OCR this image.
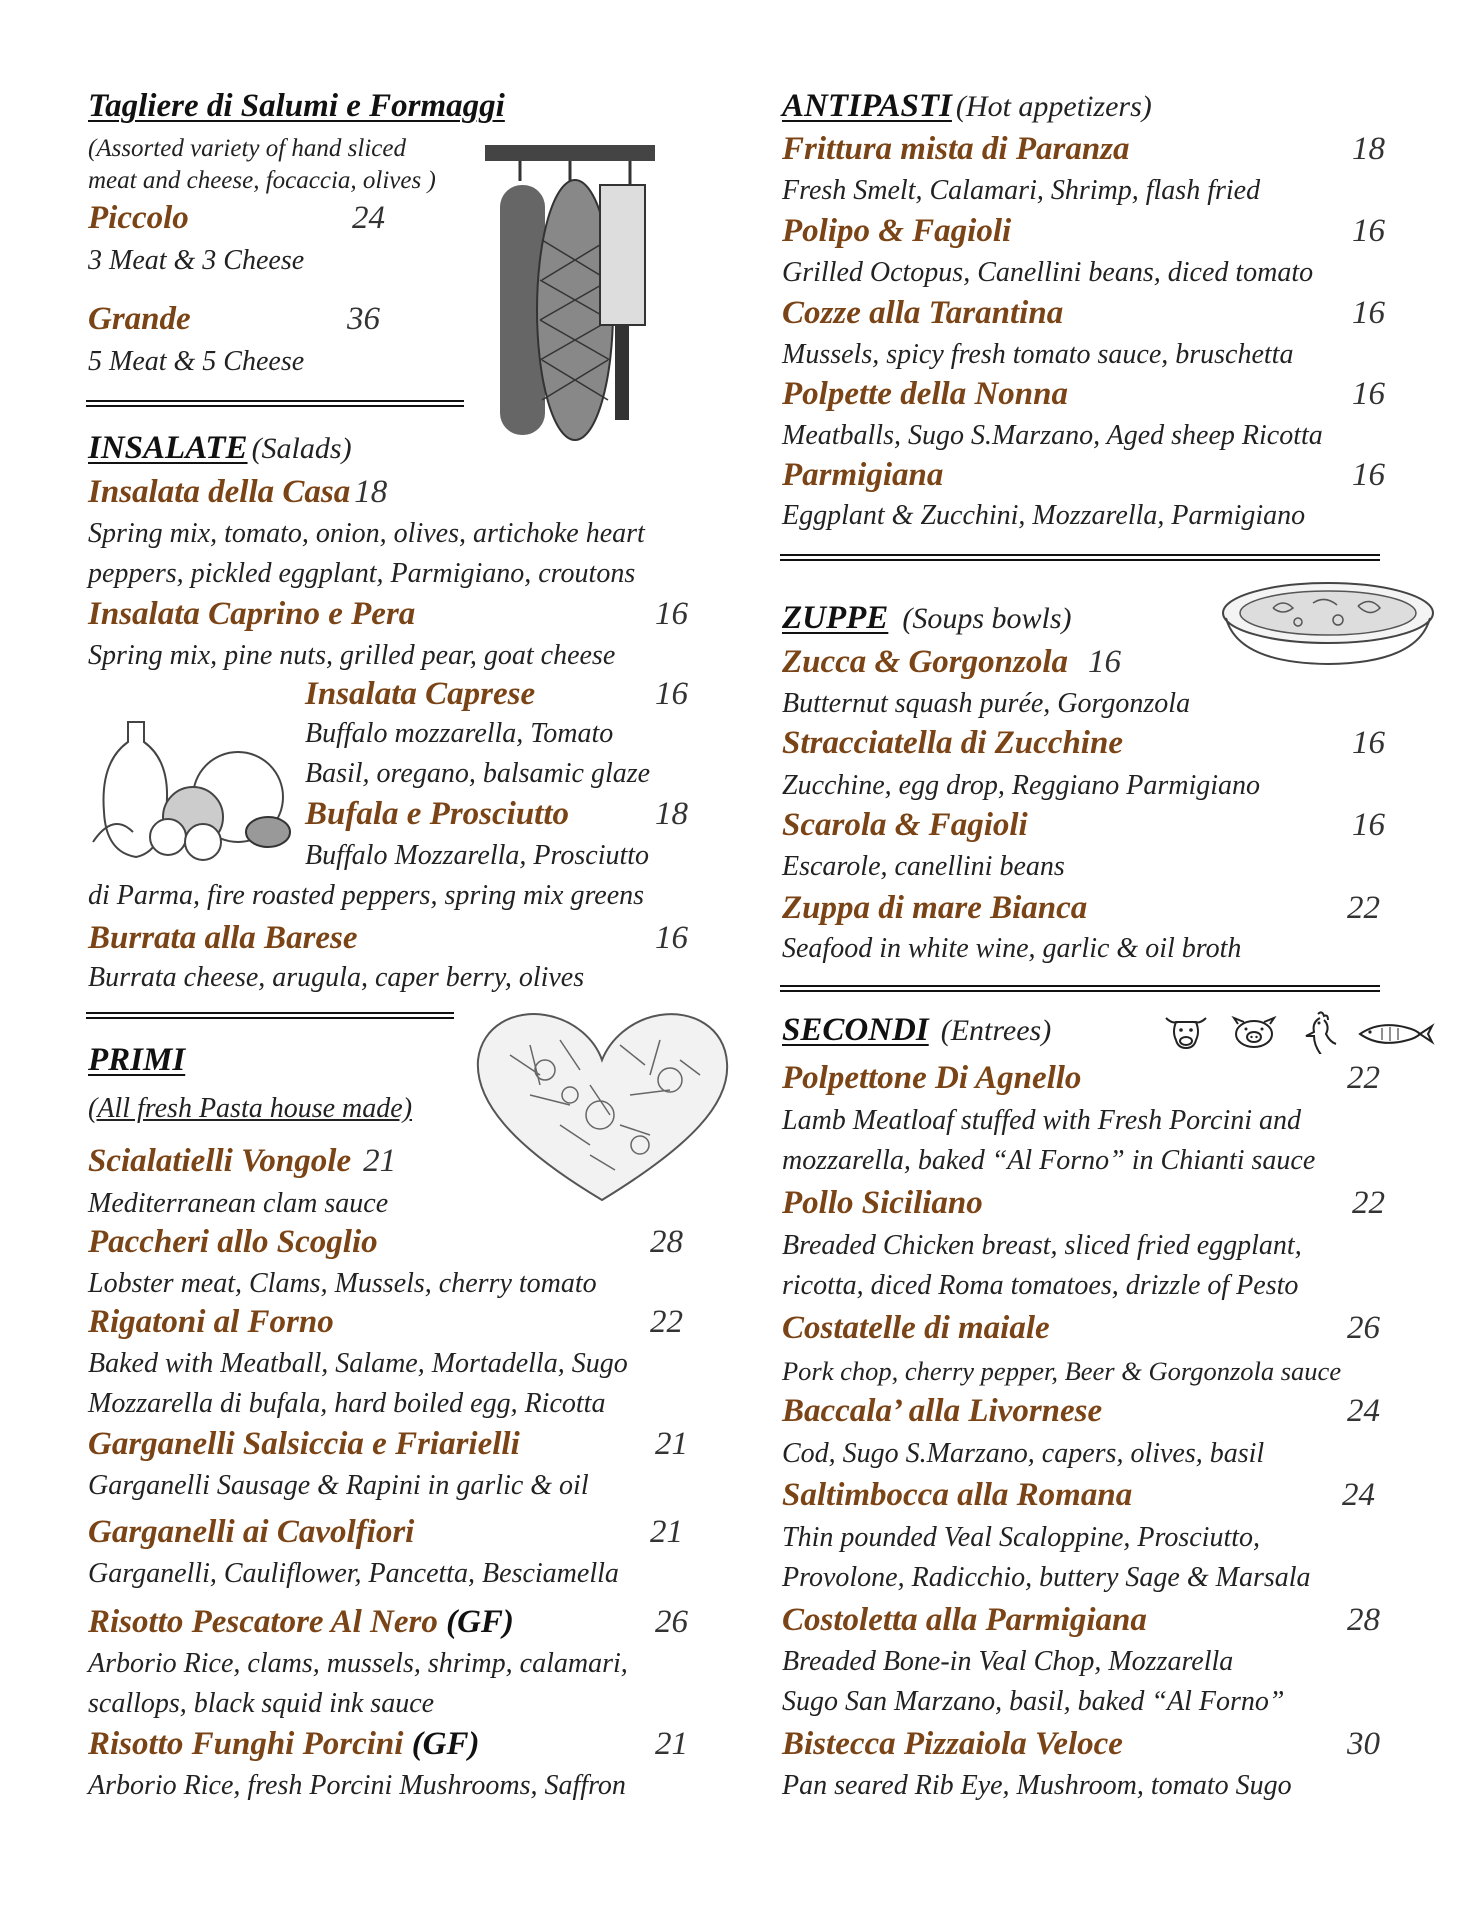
Tagliere di Salumi e Formaggi
(Assorted variety of hand sliced
meat and cheese, focaccia, olives )
Piccolo	24
3 Meat & 3 Cheese
Grande	36
5 Meat & 5 Cheese
INSALATE (Salads)
Insalata della Casa 18
Spring mix, tomato, onion, olives, artichoke heart
peppers, pickled eggplant, Parmigiano, croutons
Insalata Caprino e Pera	16
Spring mix, pine nuts, grilled pear, goat cheese
Insalata Caprese	16
Buffalo mozzarella, Tomato
Basil, oregano, balsamic glaze
Bufala e Prosciutto	18
Buffalo Mozzarella, Prosciutto
di Parma, fire roasted peppers, spring mix greens
Burrata alla Barese	16
Burrata cheese, arugula, caper berry, olives
PRIMI
(All fresh Pasta house made)
Scialatielli Vongole 21
Mediterranean clam sauce
Paccheri allo Scoglio	28
Lobster meat, Clams, Mussels, cherry tomato
Rigatoni al Forno	22
Baked with Meatball, Salame, Mortadella, Sugo
Mozzarella di bufala, hard boiled egg, Ricotta
Garganelli Salsiccia e Friarielli	21
Garganelli Sausage & Rapini in garlic & oil
Garganelli ai Cavolfiori	21
Garganelli, Cauliflower, Pancetta, Besciamella
Risotto Pescatore Al Nero (GF)	26
Arborio Rice, clams, mussels, shrimp, calamari,
scallops, black squid ink sauce
Risotto Funghi Porcini (GF)	21
Arborio Rice, fresh Porcini Mushrooms, Saffron
ANTIPASTI (Hot appetizers)
Frittura mista di Paranza	18
Fresh Smelt, Calamari, Shrimp, flash fried
Polipo & Fagioli	16
Grilled Octopus, Canellini beans, diced tomato
Cozze alla Tarantina	16
Mussels, spicy fresh tomato sauce, bruschetta
Polpette della Nonna	16
Meatballs, Sugo S.Marzano, Aged sheep Ricotta
Parmigiana	16
Eggplant & Zucchini, Mozzarella, Parmigiano
ZUPPE (Soups bowls)
Zucca & Gorgonzola 16
Butternut squash purée, Gorgonzola
Stracciatella di Zucchine	16
Zucchine, egg drop, Reggiano Parmigiano
Scarola & Fagioli	16
Escarole, canellini beans
Zuppa di mare Bianca	22
Seafood in white wine, garlic & oil broth
SECONDI (Entrees)
Polpettone Di Agnello	22
Lamb Meatloaf stuffed with Fresh Porcini and
mozzarella, baked “Al Forno” in Chianti sauce
Pollo Siciliano	22
Breaded Chicken breast, sliced fried eggplant,
ricotta, diced Roma tomatoes, drizzle of Pesto
Costatelle di maiale	26
Pork chop, cherry pepper, Beer & Gorgonzola sauce
Baccala’ alla Livornese	24
Cod, Sugo S.Marzano, capers, olives, basil
Saltimbocca alla Romana	24
Thin pounded Veal Scaloppine, Prosciutto,
Provolone, Radicchio, buttery Sage & Marsala
Costoletta alla Parmigiana	28
Breaded Bone-in Veal Chop, Mozzarella
Sugo San Marzano, basil, baked “Al Forno”
Bistecca Pizzaiola Veloce	30
Pan seared Rib Eye, Mushroom, tomato Sugo
